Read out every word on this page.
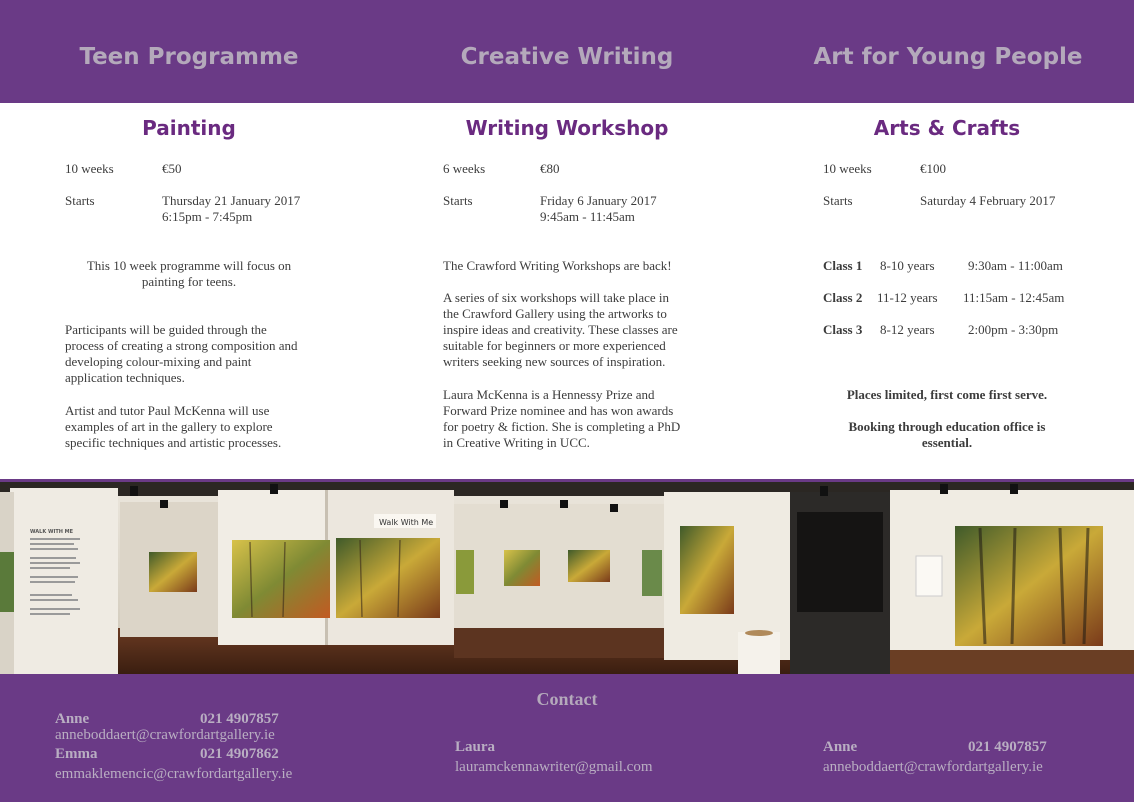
Teen Programme	Creative Writing	Art for Young People
Painting
10 weeks	€50
Starts	Thursday 21 January 2017
6:15pm - 7:45pm
This 10 week programme will focus on
painting for teens.
Participants will be guided through the
process of creating a strong composition and
developing colour-mixing and paint
application techniques.
Artist and tutor Paul McKenna will use
examples of art in the gallery to explore
specific techniques and artistic processes.
Writing Workshop
6 weeks	€80
Starts	Friday 6 January 2017
9:45am - 11:45am
The Crawford Writing Workshops are back!
A series of six workshops will take place in
the Crawford Gallery using the artworks to
inspire ideas and creativity. These classes are
suitable for beginners or more experienced
writers seeking new sources of inspiration.
Laura McKenna is a Hennessy Prize and
Forward Prize nominee and has won awards
for poetry & fiction. She is completing a PhD
in Creative Writing in UCC.
Arts & Crafts
10 weeks	€100
Starts	Saturday 4 February 2017
Class 1 8-10 years	9:30am - 11:00am
Class 2 11-12 years 11:15am - 12:45am
Class 3 8-12 years	2:00pm - 3:30pm
Places limited, first come first serve.
Booking through education office is
essential.
WALK WITH ME
Walk With Me
Contact
Anne	021 4907857
anneboddaert@crawfordartgallery.ie
Emma	021 4907862
emmaklemencic@crawfordartgallery.ie
Laura
lauramckennawriter@gmail.com
Anne	021 4907857
anneboddaert@crawfordartgallery.ie
